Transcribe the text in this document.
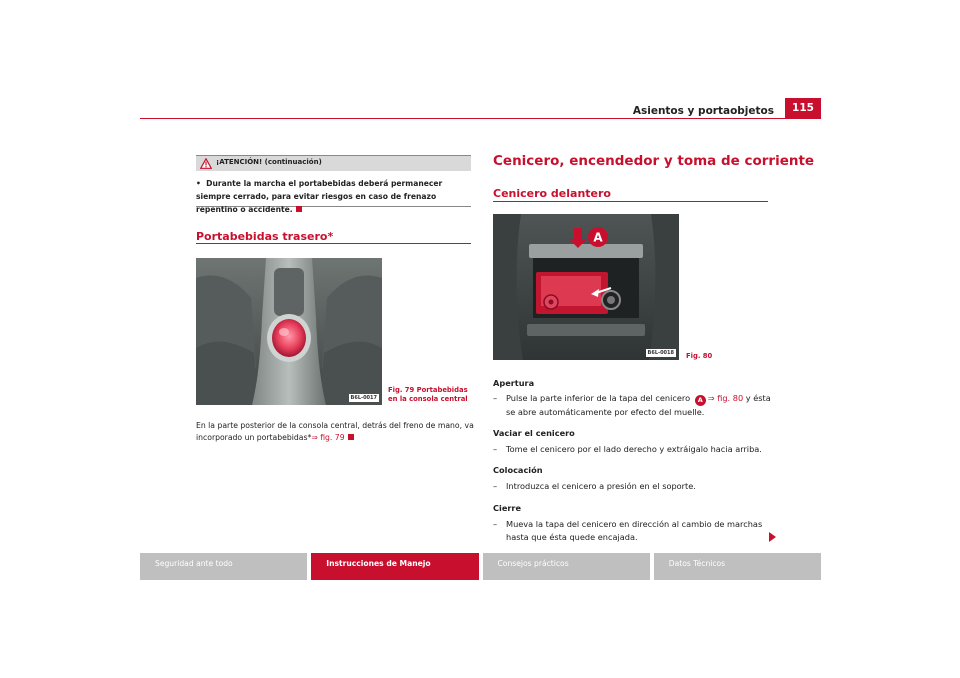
Asientos y portaobjetos	115
¡ATENCIÓN! (continuación)
• Durante la marcha el portabebidas deberá permanecer siempre cerrado, para evitar riesgos en caso de frenazo repentino o accidente.
Portabebidas trasero*
B6L-0017
Fig. 79 Portabebidas en la consola central
En la parte posterior de la consola central, detrás del freno de mano, va incorporado un portabebidas*⇒ fig. 79
Cenicero, encendedor y toma de corriente
Cenicero delantero
A
B6L-0018 Fig. 80
Apertura
– Pulse la parte inferior de la tapa del cenicero A ⇒ fig. 80 y ésta se abre automáticamente por efecto del muelle.
Vaciar el cenicero
– Tome el cenicero por el lado derecho y extráigalo hacia arriba.
Colocación
– Introduzca el cenicero a presión en el soporte.
Cierre
– Mueva la tapa del cenicero en dirección al cambio de marchas hasta que ésta quede encajada.
Seguridad ante todo	Instrucciones de Manejo	Consejos prácticos	Datos Técnicos
